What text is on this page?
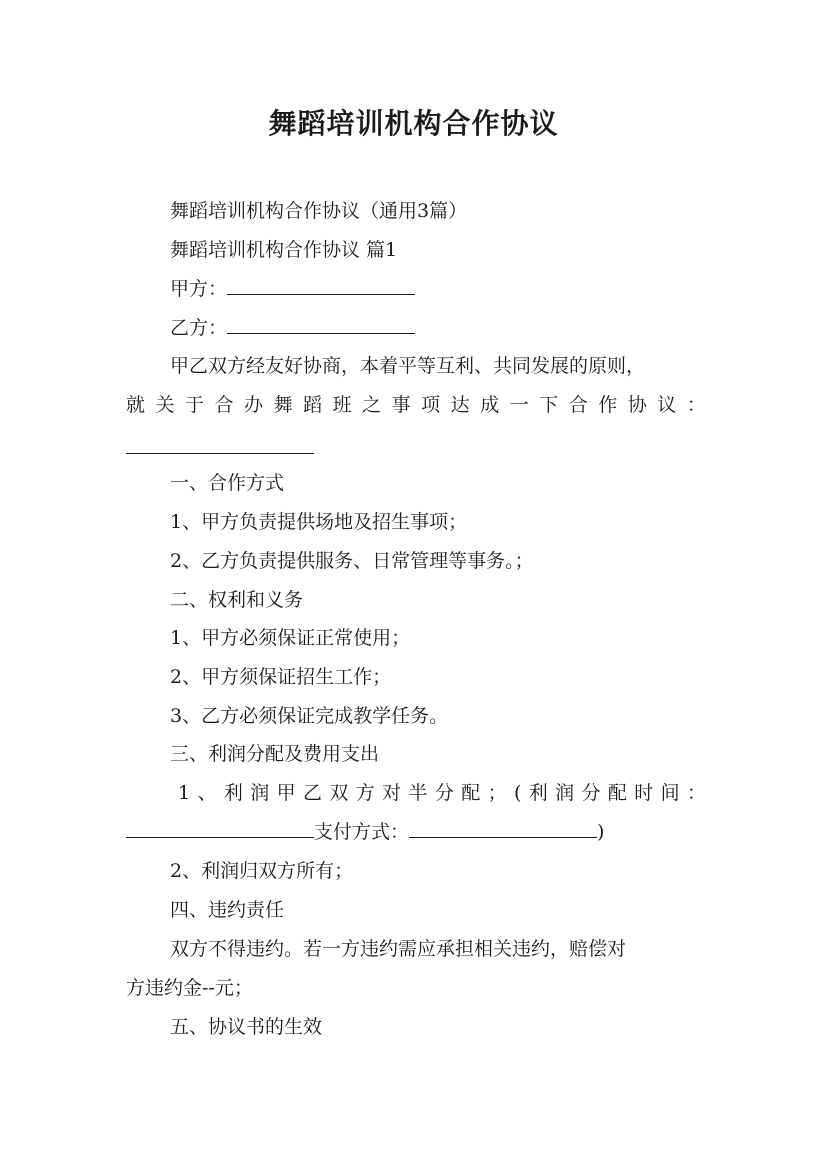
舞蹈培训机构合作协议
舞蹈培训机构合作协议（通用3篇）
舞蹈培训机构合作协议 篇1
甲方：
乙方：
甲乙双方经友好协商，本着平等互利、共同发展的原则，
就 关 于 合 办 舞 蹈 班 之 事 项 达 成 一 下 合 作 协 议 ：
一、合作方式
1、甲方负责提供场地及招生事项；
2、乙方负责提供服务、日常管理等事务。；
二、权利和义务
1、甲方必须保证正常使用；
2、甲方须保证招生工作；
3、乙方必须保证完成教学任务。
三、利润分配及费用支出
1 、 利 润 甲 乙 双 方 对 半 分 配 ； ( 利 润 分 配 时 间 ：
支付方式：	)
2、利润归双方所有；
四、违约责任
双方不得违约。若一方违约需应承担相关违约，赔偿对
方违约金--元；
五、协议书的生效
